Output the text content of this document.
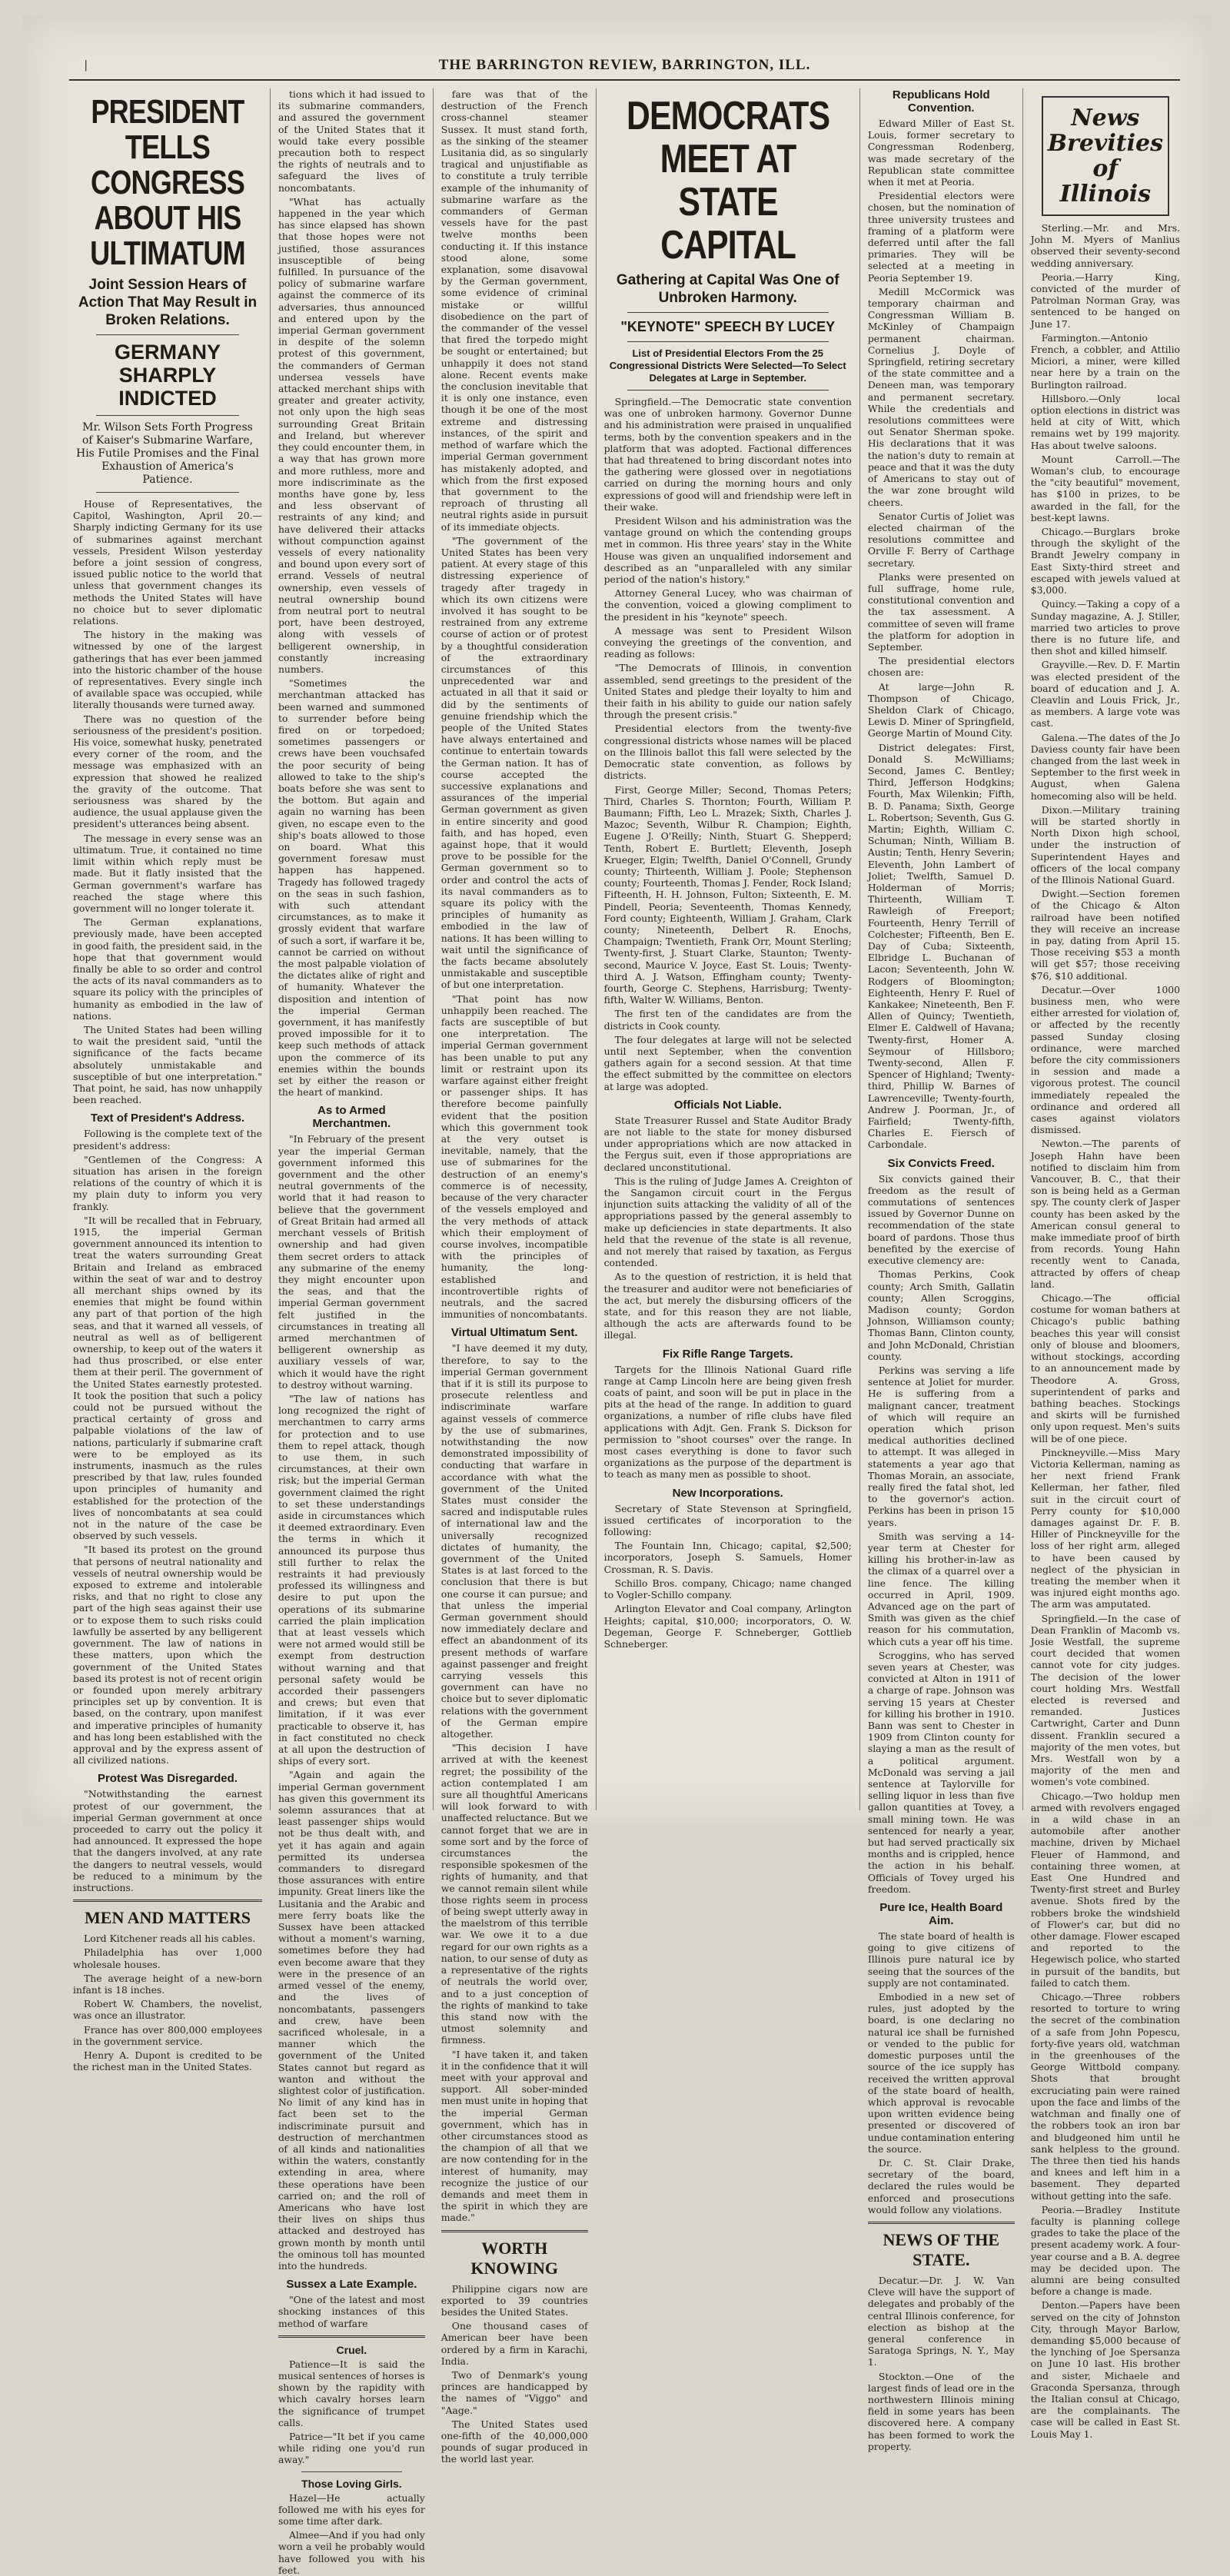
|	THE BARRINGTON REVIEW, BARRINGTON, ILL.
PRESIDENT TELLS CONGRESS ABOUT HIS ULTIMATUM
Joint Session Hears of Action That May Result in Broken Relations.
GERMANY SHARPLY INDICTED
Mr. Wilson Sets Forth Progress of Kaiser's Submarine Warfare, His Futile Promises and the Final Exhaustion of America's Patience.

House of Representatives, the Capitol, Washington, April 20.—Sharply indicting Germany for its use of submarines against merchant vessels, President Wilson yesterday before a joint session of congress, issued public notice to the world that unless that government changes its methods the United States will have no choice but to sever diplomatic relations.

The history in the making was witnessed by one of the largest gatherings that has ever been jammed into the historic chamber of the house of representatives. Every single inch of available space was occupied, while literally thousands were turned away.

There was no question of the seriousness of the president's position. His voice, somewhat husky, penetrated every corner of the room, and the message was emphasized with an expression that showed he realized the gravity of the outcome. That seriousness was shared by the audience, the usual applause given the president's utterances being absent.

The message in every sense was an ultimatum. True, it contained no time limit within which reply must be made. But it flatly insisted that the German government's warfare has reached the stage where this government will no longer tolerate it.

The German explanations, previously made, have been accepted in good faith, the president said, in the hope that that government would finally be able to so order and control the acts of its naval commanders as to square its policy with the principles of humanity as embodied in the law of nations.

The United States had been willing to wait the president said, "until the significance of the facts became absolutely unmistakable and susceptible of but one interpretation." That point, he said, has now unhappily been reached.

Text of President's Address.

Following is the complete text of the president's address:

"Gentlemen of the Congress: A situation has arisen in the foreign relations of the country of which it is my plain duty to inform you very frankly.

"It will be recalled that in February, 1915, the imperial German government announced its intention to treat the waters surrounding Great Britain and Ireland as embraced within the seat of war and to destroy all merchant ships owned by its enemies that might be found within any part of that portion of the high seas, and that it warned all vessels, of neutral as well as of belligerent ownership, to keep out of the waters it had thus proscribed, or else enter them at their peril. The government of the United States earnestly protested. It took the position that such a policy could not be pursued without the practical certainty of gross and palpable violations of the law of nations, particularly if submarine craft were to be employed as its instruments, inasmuch as the rules prescribed by that law, rules founded upon principles of humanity and established for the protection of the lives of noncombatants at sea could not in the nature of the case be observed by such vessels.

"It based its protest on the ground that persons of neutral nationality and vessels of neutral ownership would be exposed to extreme and intolerable risks, and that no right to close any part of the high seas against their use or to expose them to such risks could lawfully be asserted by any belligerent government. The law of nations in these matters, upon which the government of the United States based its protest is not of recent origin or founded upon merely arbitrary principles set up by convention. It is based, on the contrary, upon manifest and imperative principles of humanity and has long been established with the approval and by the express assent of all civilized nations.

Protest Was Disregarded.

"Notwithstanding the earnest protest of our government, the imperial German government at once proceeded to carry out the policy it had announced. It expressed the hope that the dangers involved, at any rate the dangers to neutral vessels, would be reduced to a minimum by the instructions.

MEN AND MATTERS

Lord Kitchener reads all his cables.

Philadelphia has over 1,000 wholesale houses.

The average height of a new-born infant is 18 inches.

Robert W. Chambers, the novelist, was once an illustrator.

France has over 800,000 employees in the government service.

Henry A. Dupont is credited to be the richest man in the United States.

tions which it had issued to its submarine commanders, and assured the government of the United States that it would take every possible precaution both to respect the rights of neutrals and to safeguard the lives of noncombatants.

"What has actually happened in the year which has since elapsed has shown that those hopes were not justified, those assurances insusceptible of being fulfilled. In pursuance of the policy of submarine warfare against the commerce of its adversaries, thus announced and entered upon by the imperial German government in despite of the solemn protest of this government, the commanders of German undersea vessels have attacked merchant ships with greater and greater activity, not only upon the high seas surrounding Great Britain and Ireland, but wherever they could encounter them, in a way that has grown more and more ruthless, more and more indiscriminate as the months have gone by, less and less observant of restraints of any kind; and have delivered their attacks without compunction against vessels of every nationality and bound upon every sort of errand. Vessels of neutral ownership, even vessels of neutral ownership bound from neutral port to neutral port, have been destroyed, along with vessels of belligerent ownership, in constantly increasing numbers.

"Sometimes the merchantman attacked has been warned and summoned to surrender before being fired on or torpedoed; sometimes passengers or crews have been vouchsafed the poor security of being allowed to take to the ship's boats before she was sent to the bottom. But again and again no warning has been given, no escape even to the ship's boats allowed to those on board. What this government foresaw must happen has happened. Tragedy has followed tragedy on the seas in such fashion, with such attendant circumstances, as to make it grossly evident that warfare of such a sort, if warfare it be, cannot be carried on without the most palpable violation of the dictates alike of right and of humanity. Whatever the disposition and intention of the imperial German government, it has manifestly proved impossible for it to keep such methods of attack upon the commerce of its enemies within the bounds set by either the reason or the heart of mankind.

As to Armed Merchantmen.

"In February of the present year the imperial German government informed this government and the other neutral governments of the world that it had reason to believe that the government of Great Britain had armed all merchant vessels of British ownership and had given them secret orders to attack any submarine of the enemy they might encounter upon the seas, and that the imperial German government felt justified in the circumstances in treating all armed merchantmen of belligerent ownership as auxiliary vessels of war, which it would have the right to destroy without warning.

"The law of nations has long recognized the right of merchantmen to carry arms for protection and to use them to repel attack, though to use them, in such circumstances, at their own risk; but the imperial German government claimed the right to set these understandings aside in circumstances which it deemed extraordinary. Even the terms in which it announced its purpose thus still further to relax the restraints it had previously professed its willingness and desire to put upon the operations of its submarine carried the plain implication that at least vessels which were not armed would still be exempt from destruction without warning and that personal safety would be accorded their passengers and crews; but even that limitation, if it was ever practicable to observe it, has in fact constituted no check at all upon the destruction of ships of every sort.

"Again and again the imperial German government has given this government its solemn assurances that at least passenger ships would not be thus dealt with, and yet it has again and again permitted its undersea commanders to disregard those assurances with entire impunity. Great liners like the Lusitania and the Arabic and mere ferry boats like the Sussex have been attacked without a moment's warning, sometimes before they had even become aware that they were in the presence of an armed vessel of the enemy, and the lives of noncombatants, passengers and crew, have been sacrificed wholesale, in a manner which the government of the United States cannot but regard as wanton and without the slightest color of justification. No limit of any kind has in fact been set to the indiscriminate pursuit and destruction of merchantmen of all kinds and nationalities within the waters, constantly extending in area, where these operations have been carried on; and the roll of Americans who have lost their lives on ships thus attacked and destroyed has grown month by month until the ominous toll has mounted into the hundreds.

Sussex a Late Example.

"One of the latest and most shocking instances of this method of warfare

Cruel.

Patience—It is said the musical sentences of horses is shown by the rapidity with which cavalry horses learn the significance of trumpet calls.

Patrice—"It bet if you came while riding one you'd run away."

Those Loving Girls.

Hazel—He actually followed me with his eyes for some time after dark.

Almee—And if you had only worn a veil he probably would have followed you with his feet.

fare was that of the destruction of the French cross-channel steamer Sussex. It must stand forth, as the sinking of the steamer Lusitania did, as so singularly tragical and unjustifiable as to constitute a truly terrible example of the inhumanity of submarine warfare as the commanders of German vessels have for the past twelve months been conducting it. If this instance stood alone, some explanation, some disavowal by the German government, some evidence of criminal mistake or willful disobedience on the part of the commander of the vessel that fired the torpedo might be sought or entertained; but unhappily it does not stand alone. Recent events make the conclusion inevitable that it is only one instance, even though it be one of the most extreme and distressing instances, of the spirit and method of warfare which the imperial German government has mistakenly adopted, and which from the first exposed that government to the reproach of thrusting all neutral rights aside in pursuit of its immediate objects.

"The government of the United States has been very patient. At every stage of this distressing experience of tragedy after tragedy in which its own citizens were involved it has sought to be restrained from any extreme course of action or of protest by a thoughtful consideration of the extraordinary circumstances of this unprecedented war and actuated in all that it said or did by the sentiments of genuine friendship which the people of the United States have always entertained and continue to entertain towards the German nation. It has of course accepted the successive explanations and assurances of the imperial German government as given in entire sincerity and good faith, and has hoped, even against hope, that it would prove to be possible for the German government so to order and control the acts of its naval commanders as to square its policy with the principles of humanity as embodied in the law of nations. It has been willing to wait until the significance of the facts became absolutely unmistakable and susceptible of but one interpretation.

"That point has now unhappily been reached. The facts are susceptible of but one interpretation. The imperial German government has been unable to put any limit or restraint upon its warfare against either freight or passenger ships. It has therefore become painfully evident that the position which this government took at the very outset is inevitable, namely, that the use of submarines for the destruction of an enemy's commerce is of necessity, because of the very character of the vessels employed and the very methods of attack which their employment of course involves, incompatible with the principles of humanity, the long-established and incontrovertible rights of neutrals, and the sacred immunities of noncombatants.

Virtual Ultimatum Sent.

"I have deemed it my duty, therefore, to say to the imperial German government that if it is still its purpose to prosecute relentless and indiscriminate warfare against vessels of commerce by the use of submarines, notwithstanding the now demonstrated impossibility of conducting that warfare in accordance with what the government of the United States must consider the sacred and indisputable rules of international law and the universally recognized dictates of humanity, the government of the United States is at last forced to the conclusion that there is but one course it can pursue; and that unless the imperial German government should now immediately declare and effect an abandonment of its present methods of warfare against passenger and freight carrying vessels this government can have no choice but to sever diplomatic relations with the government of the German empire altogether.

"This decision I have arrived at with the keenest regret; the possibility of the action contemplated I am sure all thoughtful Americans will look forward to with unaffected reluctance. But we cannot forget that we are in some sort and by the force of circumstances the responsible spokesmen of the rights of humanity, and that we cannot remain silent while those rights seem in process of being swept utterly away in the maelstrom of this terrible war. We owe it to a due regard for our own rights as a nation, to our sense of duty as a representative of the rights of neutrals the world over, and to a just conception of the rights of mankind to take this stand now with the utmost solemnity and firmness.

"I have taken it, and taken it in the confidence that it will meet with your approval and support. All sober-minded men must unite in hoping that the imperial German government, which has in other circumstances stood as the champion of all that we are now contending for in the interest of humanity, may recognize the justice of our demands and meet them in the spirit in which they are made."

WORTH KNOWING

Philippine cigars now are exported to 39 countries besides the United States.

One thousand cases of American beer have been ordered by a firm in Karachi, India.

Two of Denmark's young princes are handicapped by the names of "Viggo" and "Aage."

The United States used one-fifth of the 40,000,000 pounds of sugar produced in the world last year.

DEMOCRATS MEET AT STATE CAPITAL
Gathering at Capital Was One of Unbroken Harmony.
"KEYNOTE" SPEECH BY LUCEY
List of Presidential Electors From the 25 Congressional Districts Were Selected—To Select Delegates at Large in September.

Springfield.—The Democratic state convention was one of unbroken harmony. Governor Dunne and his administration were praised in unqualified terms, both by the convention speakers and in the platform that was adopted. Factional differences that had threatened to bring discordant notes into the gathering were glossed over in negotiations carried on during the morning hours and only expressions of good will and friendship were left in their wake.

President Wilson and his administration was the vantage ground on which the contending groups met in common. His three years' stay in the White House was given an unqualified indorsement and described as an "unparalleled with any similar period of the nation's history."

Attorney General Lucey, who was chairman of the convention, voiced a glowing compliment to the president in his "keynote" speech.

A message was sent to President Wilson conveying the greetings of the convention, and reading as follows:

"The Democrats of Illinois, in convention assembled, send greetings to the president of the United States and pledge their loyalty to him and their faith in his ability to guide our nation safely through the present crisis."

Presidential electors from the twenty-five congressional districts whose names will be placed on the Illinois ballot this fall were selected by the Democratic state convention, as follows by districts.

First, George Miller; Second, Thomas Peters; Third, Charles S. Thornton; Fourth, William P. Baumann; Fifth, Leo L. Mrazek; Sixth, Charles J. Mazoc; Seventh, Wilbur R. Champion; Eighth, Eugene J. O'Reilly; Ninth, Stuart G. Shepperd; Tenth, Robert E. Burtlett; Eleventh, Joseph Krueger, Elgin; Twelfth, Daniel O'Connell, Grundy county; Thirteenth, William J. Poole; Stephenson county; Fourteenth, Thomas J. Fender, Rock Island; Fifteenth, H. H. Johnson, Fulton; Sixteenth, E. M. Pindell, Peoria; Seventeenth, Thomas Kennedy, Ford county; Eighteenth, William J. Graham, Clark county; Nineteenth, Delbert R. Enochs, Champaign; Twentieth, Frank Orr, Mount Sterling; Twenty-first, J. Stuart Clarke, Staunton; Twenty-second, Maurice V. Joyce, East St. Louis; Twenty-third A. J. Watson, Effingham county; Twenty-fourth, George C. Stephens, Harrisburg; Twenty-fifth, Walter W. Williams, Benton.

The first ten of the candidates are from the districts in Cook county.

The four delegates at large will not be selected until next September, when the convention gathers again for a second session. At that time the effect submitted by the committee on electors at large was adopted.

Officials Not Liable.

State Treasurer Russel and State Auditor Brady are not liable to the state for money disbursed under appropriations which are now attacked in the Fergus suit, even if those appropriations are declared unconstitutional.

This is the ruling of Judge James A. Creighton of the Sangamon circuit court in the Fergus injunction suits attacking the validity of all of the appropriations passed by the general assembly to make up deficiencies in state departments. It also held that the revenue of the state is all revenue, and not merely that raised by taxation, as Fergus contended.

As to the question of restriction, it is held that the treasurer and auditor were not beneficiaries of the act, but merely the disbursing officers of the state, and for this reason they are not liable, although the acts are afterwards found to be illegal.

Fix Rifle Range Targets.

Targets for the Illinois National Guard rifle range at Camp Lincoln here are being given fresh coats of paint, and soon will be put in place in the pits at the head of the range. In addition to guard organizations, a number of rifle clubs have filed applications with Adjt. Gen. Frank S. Dickson for permission to "shoot courses" over the range. In most cases everything is done to favor such organizations as the purpose of the department is to teach as many men as possible to shoot.

New Incorporations.

Secretary of State Stevenson at Springfield, issued certificates of incorporation to the following:

The Fountain Inn, Chicago; capital, $2,500; incorporators, Joseph S. Samuels, Homer Crossman, R. S. Davis.

Schillo Bros. company, Chicago; name changed to Vogler-Schillo company.

Arlington Elevator and Coal company, Arlington Heights; capital, $10,000; incorporators, O. W. Degeman, George F. Schneberger, Gottlieb Schneberger.

Republicans Hold Convention.

Edward Miller of East St. Louis, former secretary to Congressman Rodenberg, was made secretary of the Republican state committee when it met at Peoria.

Presidential electors were chosen, but the nomination of three university trustees and framing of a platform were deferred until after the fall primaries. They will be selected at a meeting in Peoria September 19.

Medill McCormick was temporary chairman and Congressman William B. McKinley of Champaign permanent chairman. Cornelius J. Doyle of Springfield, retiring secretary of the state committee and a Deneen man, was temporary and permanent secretary. While the credentials and resolutions committees were out Senator Sherman spoke. His declarations that it was the nation's duty to remain at peace and that it was the duty of Americans to stay out of the war zone brought wild cheers.

Senator Curtis of Joliet was elected chairman of the resolutions committee and Orville F. Berry of Carthage secretary.

Planks were presented on full suffrage, home rule, constitutional convention and the tax assessment. A committee of seven will frame the platform for adoption in September.

The presidential electors chosen are:

At large—John R. Thompson of Chicago, Sheldon Clark of Chicago, Lewis D. Miner of Springfield, George Martin of Mound City.

District delegates: First, Donald S. McWilliams; Second, James C. Bentley; Third, Jefferson Hodgkins; Fourth, Max Wilenkin; Fifth, B. D. Panama; Sixth, George L. Robertson; Seventh, Gus G. Martin; Eighth, William C. Schuman; Ninth, William B. Austin; Tenth, Henry Severin; Eleventh, John Lambert of Joliet; Twelfth, Samuel D. Holderman of Morris; Thirteenth, William T. Rawleigh of Freeport; Fourteenth, Henry Terrill of Colchester; Fifteenth, Ben E. Day of Cuba; Sixteenth, Elbridge L. Buchanan of Lacon; Seventeenth, John W. Rodgers of Bloomington; Eighteenth, Henry F. Ruel of Kankakee; Nineteenth, Ben F. Allen of Quincy; Twentieth, Elmer E. Caldwell of Havana; Twenty-first, Homer A. Seymour of Hillsboro; Twenty-second, Allen F. Spencer of Highland; Twenty-third, Phillip W. Barnes of Lawrenceville; Twenty-fourth, Andrew J. Poorman, Jr., of Fairfield; Twenty-fifth, Charles E. Fiersch of Carbondale.

Six Convicts Freed.

Six convicts gained their freedom as the result of commutations of sentences issued by Governor Dunne on recommendation of the state board of pardons. Those thus benefited by the exercise of executive clemency are:

Thomas Perkins, Cook county; Arch Smith, Gallatin county; Allen Scroggins, Madison county; Gordon Johnson, Williamson county; Thomas Bann, Clinton county, and John McDonald, Christian county.

Perkins was serving a life sentence at Joliet for murder. He is suffering from a malignant cancer, treatment of which will require an operation which prison medical authorities declined to attempt. It was alleged in statements a year ago that Thomas Morain, an associate, really fired the fatal shot, led to the governor's action. Perkins has been in prison 15 years.

Smith was serving a 14-year term at Chester for killing his brother-in-law as the climax of a quarrel over a line fence. The killing occurred in April, 1909. Advanced age on the part of Smith was given as the chief reason for his commutation, which cuts a year off his time.

Scroggins, who has served seven years at Chester, was convicted at Alton in 1911 of a charge of rape. Johnson was serving 15 years at Chester for killing his brother in 1910. Bann was sent to Chester in 1909 from Clinton county for slaying a man as the result of a political argument. McDonald was serving a jail sentence at Taylorville for selling liquor in less than five gallon quantities at Tovey, a small mining town. He was sentenced for nearly a year, but had served practically six months and is crippled, hence the action in his behalf. Officials of Tovey urged his freedom.

Pure Ice, Health Board Aim.

The state board of health is going to give citizens of Illinois pure natural ice by seeing that the sources of the supply are not contaminated.

Embodied in a new set of rules, just adopted by the board, is one declaring no natural ice shall be furnished or vended to the public for domestic purposes until the source of the ice supply has received the written approval of the state board of health, which approval is revocable upon written evidence being presented or discovered of undue contamination entering the source.

Dr. C. St. Clair Drake, secretary of the board, declared the rules would be enforced and prosecutions would follow any violations.

NEWS OF THE STATE.

Decatur.—Dr. J. W. Van Cleve will have the support of delegates and probably of the central Illinois conference, for election as bishop at the general conference in Saratoga Springs, N. Y., May 1.

Stockton.—One of the largest finds of lead ore in the northwestern Illinois mining field in some years has been discovered here. A company has been formed to work the property.

News Brevities of Illinois

Sterling.—Mr. and Mrs. John M. Myers of Manlius observed their seventy-second wedding anniversary.

Peoria.—Harry King, convicted of the murder of Patrolman Norman Gray, was sentenced to be hanged on June 17.

Farmington.—Antonio French, a cobbler, and Attilio Miciori, a miner, were killed near here by a train on the Burlington railroad.

Hillsboro.—Only local option elections in district was held at city of Witt, which remains wet by 199 majority. Has about twelve saloons.

Mount Carroll.—The Woman's club, to encourage the "city beautiful" movement, has $100 in prizes, to be awarded in the fall, for the best-kept lawns.

Chicago.—Burglars broke through the skylight of the Brandt Jewelry company in East Sixty-third street and escaped with jewels valued at $3,000.

Quincy.—Taking a copy of a Sunday magazine, A. J. Stiller, married two articles to prove there is no future life, and then shot and killed himself.

Grayville.—Rev. D. F. Martin was elected president of the board of education and J. A. Cleavlin and Louis Frick, Jr., as members. A large vote was cast.

Galena.—The dates of the Jo Daviess county fair have been changed from the last week in September to the first week in August, when Galena homecoming also will be held.

Dixon.—Military training will be started shortly in North Dixon high school, under the instruction of Superintendent Hayes and officers of the local company of the Illinois National Guard.

Dwight.—Section foremen of the Chicago & Alton railroad have been notified they will receive an increase in pay, dating from April 15. Those receiving $53 a month will get $57; those receiving $76, $10 additional.

Decatur.—Over 1000 business men, who were either arrested for violation of, or affected by the recently passed Sunday closing ordinance, were marched before the city commissioners in session and made a vigorous protest. The council immediately repealed the ordinance and ordered all cases against violators dismissed.

Newton.—The parents of Joseph Hahn have been notified to disclaim him from Vancouver, B. C., that their son is being held as a German spy. The county clerk of Jasper county has been asked by the American consul general to make immediate proof of birth from records. Young Hahn recently went to Canada, attracted by offers of cheap land.

Chicago.—The official costume for woman bathers at Chicago's public bathing beaches this year will consist only of blouse and bloomers, without stockings, according to an announcement made by Theodore A. Gross, superintendent of parks and bathing beaches. Stockings and skirts will be furnished only upon request. Men's suits will be of one piece.

Pinckneyville.—Miss Mary Victoria Kellerman, naming as her next friend Frank Kellerman, her father, filed suit in the circuit court of Perry county for $10,000 damages against Dr. F. B. Hiller of Pinckneyville for the loss of her right arm, alleged to have been caused by neglect of the physician in treating the member when it was injured eight months ago. The arm was amputated.

Springfield.—In the case of Dean Franklin of Macomb vs. Josie Westfall, the supreme court decided that women cannot vote for city judges. The decision of the lower court holding Mrs. Westfall elected is reversed and remanded. Justices Cartwright, Carter and Dunn dissent. Franklin secured a majority of the men votes, but Mrs. Westfall won by a majority of the men and women's vote combined.

Chicago.—Two holdup men armed with revolvers engaged in a wild chase in an automobile after another machine, driven by Michael Fleuer of Hammond, and containing three women, at East One Hundred and Twenty-first street and Burley avenue. Shots fired by the robbers broke the windshield of Flower's car, but did no other damage. Flower escaped and reported to the Hegewisch police, who started in pursuit of the bandits, but failed to catch them.

Chicago.—Three robbers resorted to torture to wring the secret of the combination of a safe from John Popescu, forty-five years old, watchman in the greenhouses of the George Wittbold company. Shots that brought excruciating pain were rained upon the face and limbs of the watchman and finally one of the robbers took an iron bar and bludgeoned him until he sank helpless to the ground. The three then tied his hands and knees and left him in a basement. They departed without getting into the safe.

Peoria.—Bradley Institute faculty is planning college grades to take the place of the present academy work. A four-year course and a B. A. degree may be decided upon. The alumni are being consulted before a change is made.

Denton.—Papers have been served on the city of Johnston City, through Mayor Barlow, demanding $5,000 because of the lynching of Joe Spersanza on June 10 last. His brother and sister, Michaele and Graconda Spersanza, through the Italian consul at Chicago, are the complainants. The case will be called in East St. Louis May 1.
